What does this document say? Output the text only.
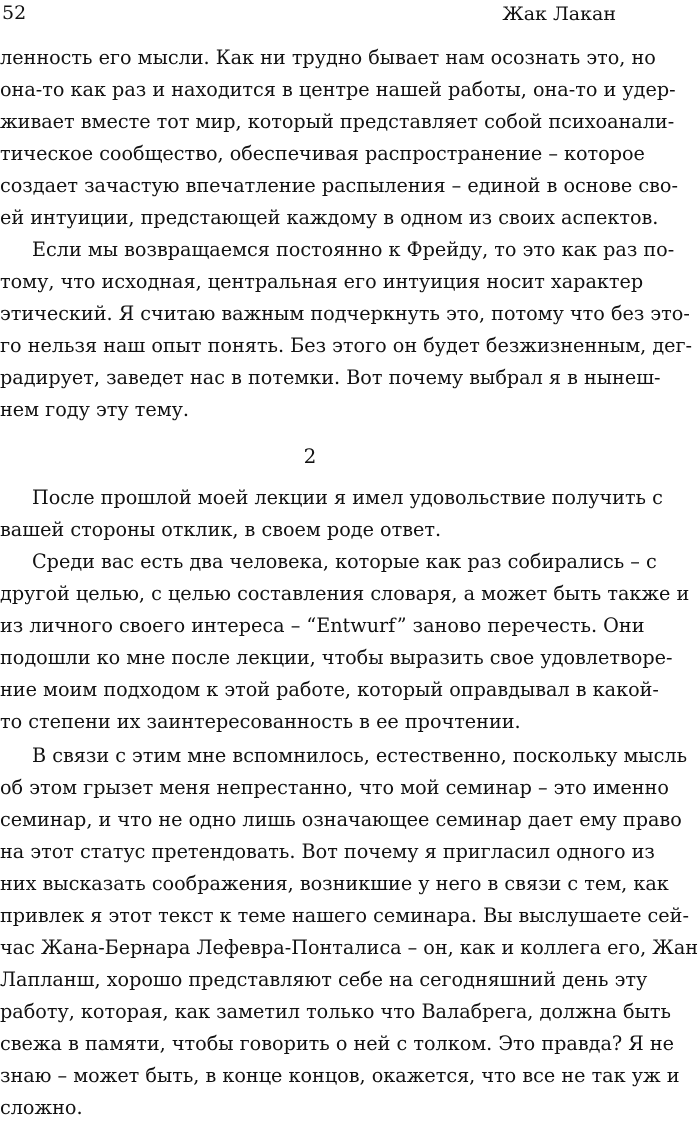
52	Жак Лакан
ленность его мысли. Как ни трудно бывает нам осознать это, но
она-то как раз и находится в центре нашей работы, она-то и удер-
живает вместе тот мир, который представляет собой психоанали-
тическое сообщество, обеспечивая распространение – которое
создает зачастую впечатление распыления – единой в основе сво-
ей интуиции, предстающей каждому в одном из своих аспектов.
Если мы возвращаемся постоянно к Фрейду, то это как раз по-
тому, что исходная, центральная его интуиция носит характер
этический. Я считаю важным подчеркнуть это, потому что без это-
го нельзя наш опыт понять. Без этого он будет безжизненным, дег-
радирует, заведет нас в потемки. Вот почему выбрал я в нынеш-
нем году эту тему.
2
После прошлой моей лекции я имел удовольствие получить с
вашей стороны отклик, в своем роде ответ.
Среди вас есть два человека, которые как раз собирались – с
другой целью, с целью составления словаря, а может быть также и
из личного своего интереса – “Entwurf” заново перечесть. Они
подошли ко мне после лекции, чтобы выразить свое удовлетворе-
ние моим подходом к этой работе, который оправдывал в какой-
то степени их заинтересованность в ее прочтении.
В связи с этим мне вспомнилось, естественно, поскольку мысль
об этом грызет меня непрестанно, что мой семинар – это именно
семинар, и что не одно лишь означающее семинар дает ему право
на этот статус претендовать. Вот почему я пригласил одного из
них высказать соображения, возникшие у него в связи с тем, как
привлек я этот текст к теме нашего семинара. Вы выслушаете сей-
час Жана-Бернара Лефевра-Понталиса – он, как и коллега его, Жан
Лапланш, хорошо представляют себе на сегодняшний день эту
работу, которая, как заметил только что Валабрега, должна быть
свежа в памяти, чтобы говорить о ней с толком. Это правда? Я не
знаю – может быть, в конце концов, окажется, что все не так уж и
сложно.
